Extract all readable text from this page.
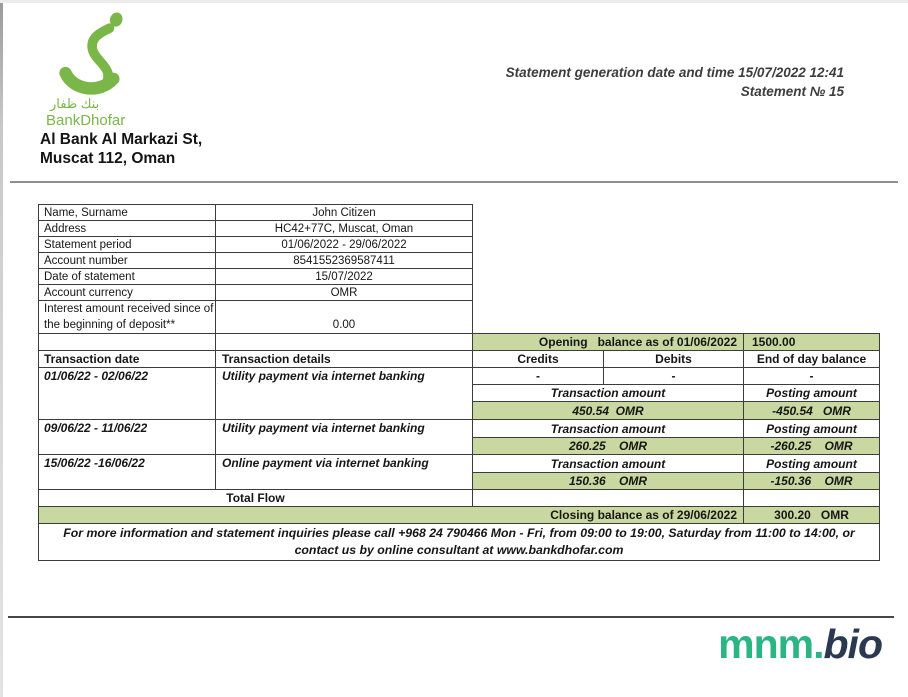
بنك ظفار
BankDhofar
Statement generation date and time 15/07/2022 12:41
Statement № 15
Al Bank Al Markazi St,
Muscat 112, Oman
Name, Surname	John Citizen			
Address	HC42+77C, Muscat, Oman			
Statement period	01/06/2022 - 29/06/2022			
Account number	8541552369587411			
Date of statement	15/07/2022			
Account currency	OMR			
Interest amount received since of the beginning of deposit**	0.00			
		Opening   balance as of 01/06/2022		1500.00
Transaction date	Transaction details	Credits	Debits	End of day balance
01/06/22 - 02/06/22	Utility payment via internet banking	-	-	-
		Transaction amount		Posting amount
		450.54  OMR		-450.54   OMR
09/06/22 - 11/06/22	Utility payment via internet banking	Transaction amount		Posting amount
		260.25    OMR		-260.25    OMR
15/06/22 -16/06/22	Online payment via internet banking	Transaction amount		Posting amount
		150.36    OMR		-150.36    OMR
Total Flow				
Closing balance as of 29/06/2022				300.20   OMR

For more information and statement inquiries please call +968 24 790466 Mon - Fri, from 09:00 to 19:00, Saturday from 11:00 to 14:00, or
contact us by online consultant at www.bankdhofar.com				
mnm.bio
